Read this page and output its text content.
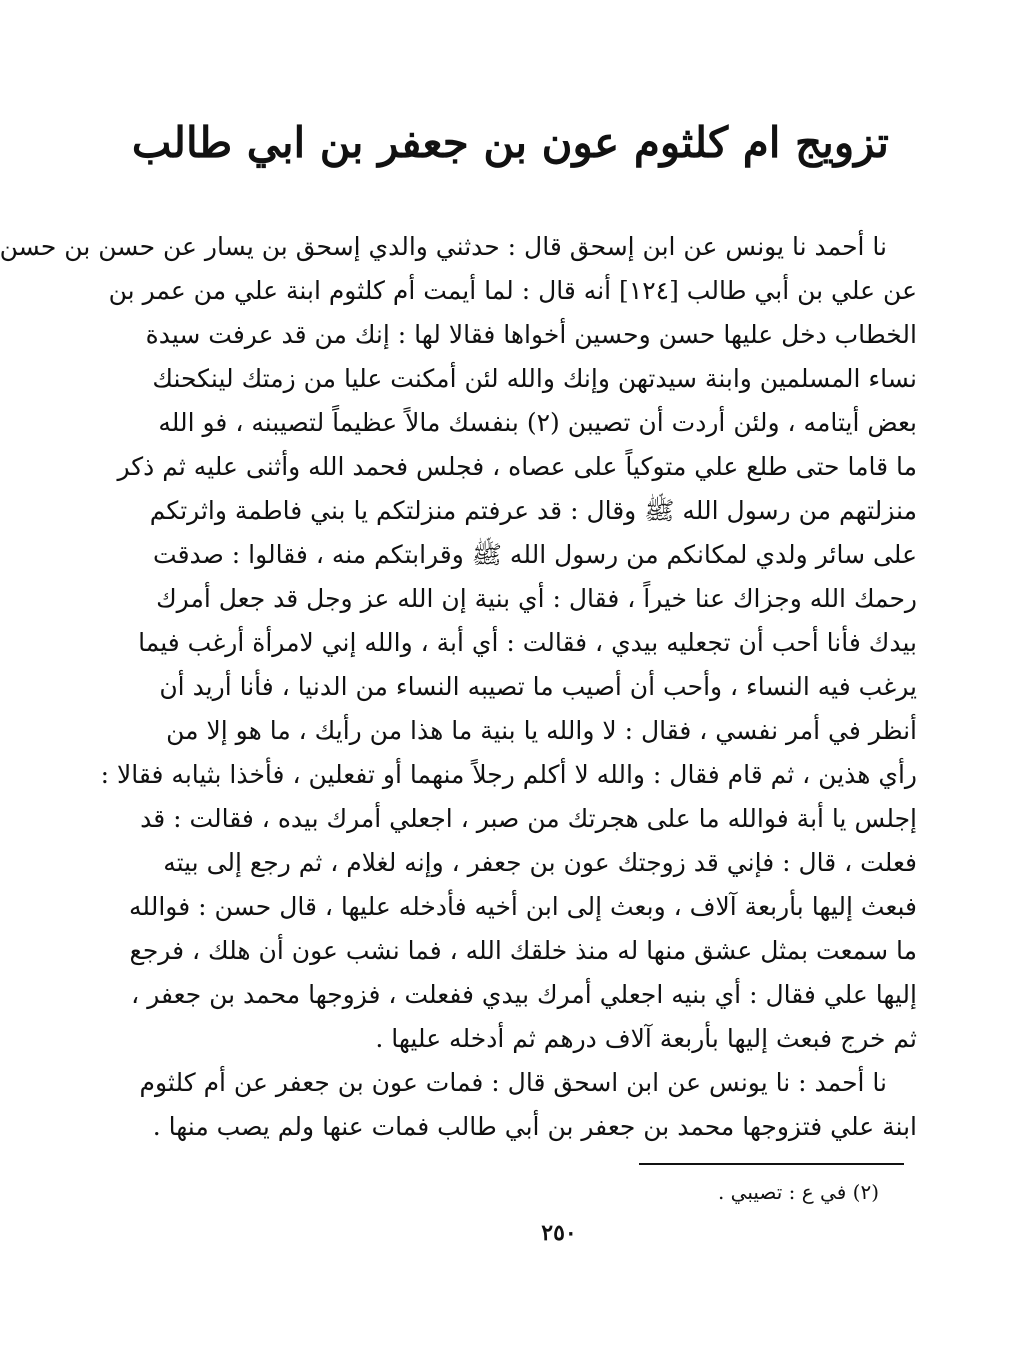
تزويج ام كلثوم عون بن جعفر بن ابي طالب
نا أحمد نا يونس عن ابن إسحق قال : حدثني والدي إسحق بن يسار عن حسن بن حسن
عن علي بن أبي طالب [١٢٤] أنه قال : لما أيمت أم كلثوم ابنة علي من عمر بن
الخطاب دخل عليها حسن وحسين أخواها فقالا لها : إنك من قد عرفت سيدة
نساء المسلمين وابنة سيدتهن وإنك والله لئن أمكنت عليا من زمتك لينكحنك
بعض أيتامه ، ولئن أردت أن تصيبن (٢) بنفسك مالاً عظيماً لتصيبنه ، فو الله
ما قاما حتى طلع علي متوكياً على عصاه ، فجلس فحمد الله وأثنى عليه ثم ذكر
منزلتهم من رسول الله ﷺ وقال : قد عرفتم منزلتكم يا بني فاطمة واثرتكم
على سائر ولدي لمكانكم من رسول الله ﷺ وقرابتكم منه ، فقالوا : صدقت
رحمك الله وجزاك عنا خيراً ، فقال : أي بنية إن الله عز وجل قد جعل أمرك
بيدك فأنا أحب أن تجعليه بيدي ، فقالت : أي أبة ، والله إني لامرأة أرغب فيما
يرغب فيه النساء ، وأحب أن أصيب ما تصيبه النساء من الدنيا ، فأنا أريد أن
أنظر في أمر نفسي ، فقال : لا والله يا بنية ما هذا من رأيك ، ما هو إلا من
رأي هذين ، ثم قام فقال : والله لا أكلم رجلاً منهما أو تفعلين ، فأخذا بثيابه فقالا :
إجلس يا أبة فوالله ما على هجرتك من صبر ، اجعلي أمرك بيده ، فقالت : قد
فعلت ، قال : فإني قد زوجتك عون بن جعفر ، وإنه لغلام ، ثم رجع إلى بيته
فبعث إليها بأربعة آلاف ، وبعث إلى ابن أخيه فأدخله عليها ، قال حسن : فوالله
ما سمعت بمثل عشق منها له منذ خلقك الله ، فما نشب عون أن هلك ، فرجع
إليها علي فقال : أي بنيه اجعلي أمرك بيدي ففعلت ، فزوجها محمد بن جعفر ،
ثم خرج فبعث إليها بأربعة آلاف درهم ثم أدخله عليها .
نا أحمد : نا يونس عن ابن اسحق قال : فمات عون بن جعفر عن أم كلثوم
ابنة علي فتزوجها محمد بن جعفر بن أبي طالب فمات عنها ولم يصب منها .
(٢) في ع : تصيبي .
٢٥٠
